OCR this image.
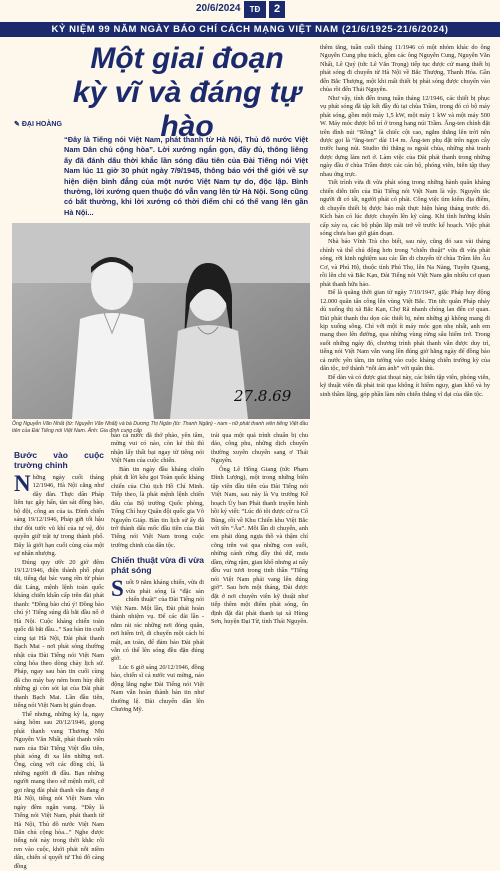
20/6/2024	TĐ	2
KỶ NIỆM 99 NĂM NGÀY BÁO CHÍ CÁCH MẠNG VIỆT NAM (21/6/1925-21/6/2024)
Một giai đoạn kỳ vĩ và đáng tự hào
✎ ĐẠI HOÀNG

“Đây là Tiếng nói Việt Nam, phát thanh từ Hà Nội, Thủ đô nước Việt Nam Dân chủ cộng hòa”. Lời xướng ngắn gọn, đầy đủ, thông liêng ấy đã đánh dấu thời khắc lần sóng đầu tiên của Đài Tiếng nói Việt Nam lúc 11 giờ 30 phút ngày 7/9/1945, thông báo với thế giới về sự hiện diện bình đẳng của một nước Việt Nam tự do, độc lập. Bình thường, lời xướng quen thuộc đó vẫn vang lên từ Hà Nội. Song cũng có bất thường, khi lời xướng có thời điểm chỉ có thể vang lên gần Hà Nội...

27.8.69

Ông Nguyễn Văn Nhất (từ: Nguyễn Văn Nhất) và bà Dương Thị Ngân (từ: Thanh Ngân) - nam - nữ phát thanh viên tiếng Việt đầu tiên của Đài Tiếng nói Việt Nam. Ảnh: Gia đình cung cấp

Bước vào cuộc trường chinh

Những ngày cuối tháng 12/1946, Hà Nội căng như dây đàn. Thực dân Pháp liên tục gây hấn, tàn sát đồng bào, bộ đội, công an của ta. Đình chiến sáng 19/12/1946, Pháp gửi tối hậu thư đòi tước vũ khí của tự vệ, đòi quyền giữ trật tự trong thành phố. Đây là giới hạn cuối cùng của một sự nhân nhượng.

Đúng quy ước 20 giờ đêm 19/12/1946, điện thành phố phụt tắt, tiếng đại bác vang rền từ pháo đài Láng, mệnh lệnh toàn quốc kháng chiến khẩn cấp trên đài phát thanh: “Đồng bào chú ý! Đồng bào chú ý! Tiếng súng đã bắt đầu nổ ở Hà Nội. Cuộc kháng chiến toàn quốc đã bắt đầu...” Sau bản tin cuối cùng tại Hà Nội, Đài phát thanh Bạch Mai - nơi phát sóng thường nhật của Đài Tiếng nói Việt Nam cũng hòa theo dòng chảy lịch sử. Pháp, ngay sau bản tin cuối cùng đã cho máy bay ném bom hủy diệt những gì còn sót lại của Đài phát thanh Bạch Mai. Lần đầu tiên, tiếng nói Việt Nam bị gián đoạn.

Thế nhưng, những kỳ lạ, ngay sáng hôm sau 20/12/1946, giọng phát thanh vang Thương Nhi Nguyễn Văn Nhất, phát thanh viên nam của Đài Tiếng Việt đầu tiên, phát sóng đi xa lên những nơi. Ông, cùng với các đồng chí, là những người đi đầu. Bạn những người mang theo sứ mệnh mới, cứ gọi rằng đài phát thanh vẫn đang ở Hà Nội, tiếng nói Việt Nam vẫn ngày đêm ngân vang. “Đây là Tiếng nói Việt Nam, phát thanh từ Hà Nội, Thủ đô nước Việt Nam Dân chủ cộng hòa...” Nghe được tiếng nói này trong thời khắc rối ren vào cuộc, khởi phát nỗi niềm dân, chiến sĩ quyết tử Thủ đô càng đồng

bào cả nước đã thở phào, yên tâm, mừng vui có nào, còn kẻ thù thì nhận lấy thất bại ngay từ tiếng nói Việt Nam của cuộc chiến.

Bản tin ngày đầu kháng chiến phát đi lời kêu gọi Toàn quốc kháng chiến của Chủ tịch Hồ Chí Minh. Tiếp theo, là phát mệnh lệnh chiến đấu của Bộ trưởng Quốc phòng, Tổng Chỉ huy Quân đội quốc gia Võ Nguyên Giáp. Bản tin lịch sử ấy đã trở thành dấu mốc đầu tiên của Đài Tiếng nói Việt Nam trong cuộc trường chinh của dân tộc.

Chiến thuật vừa đi vừa phát sóng

Suốt 9 năm kháng chiến, vừa đi vừa phát sóng là “đặc sản chiến thuật” của Đài Tiếng nói Việt Nam. Một lần, Đài phát hoàn thành nhiệm vụ. Để các đài lần - nằm rải rác những nơi đóng quân, nơi hiểm trở, di chuyển một cách bí mật, an toàn, để đảm bảo Đài phát vẫn có thể lên sóng đều đặn đúng giờ.

Lúc 6 giờ sáng 20/12/1946, đồng bào, chiến sĩ cả nước vui mừng, náo động lắng nghe Đài Tiếng nói Việt Nam vẫn hoàn thành bản tin như thường lệ. Đài chuyển dần lên Chương Mỹ.

trái qua một quá trình chuẩn bị chu đáo, công phu, những dịch chuyển thường xuyên chuyển sang ơ Thái Nguyên.

Ông Lê Hồng Giang (tức Phạm Đình Lượng), một trong những biên tập viên đầu tiên của Đài Tiếng nói Việt Nam, sau này là Vụ trưởng Kế hoạch Ủy ban Phát thanh truyền hình hồi ký viết: “Lúc đó tôi được cử ra Cổ Bùng, rồi về Khu Chiến khu Việt Bắc với tên “Âu”. Mỗi lần di chuyển, anh em phải dùng ngựa thồ và thậm chí cõng trên vai qua những con suối, những cánh rừng đầy thú dữ, mưa dầm, rừng rậm, gian khổ nhưng ai nấy đều vui tươi trong tinh thần “Tiếng nói Việt Nam phải vang lên đúng giờ”. Sau hơn một tháng, Đài được đặt ở nơi chuyên viên kỹ thuật như tiếp thêm một điểm phát sóng, ổn định đặt đài phát thanh tại xã Hùng Sơn, huyện Đại Từ, tỉnh Thái Nguyên.

thêm tăng, tuần cuối tháng 11/1946 có một nhóm khác do ông Nguyễn Cung phụ trách, gồm các ông Nguyễn Cung, Nguyễn Văn Nhất, Lê Quý (tức Lê Văn Trọng) tiếp tục được cử mang thiết bị phát sóng đi chuyển từ Hà Nội về Bắc Thượng, Thanh Hóa. Gần đến Bắc Thượng, một khi mất thiết bị phát sóng được chuyển vào chùa rồi đến Thái Nguyên.

Như vậy, tính đến trung tuần tháng 12/1946, các thiết bị phục vụ phát sóng đã tập kết đầy đủ tại chùa Trầm, trong đó có bộ máy phát sóng, gồm một máy 1,5 kW, một máy 1 kW và một máy 500 W. Máy móc được bố trí ở trong hang núi Trầm. Ăng-ten chính đặt trên đỉnh núi “Rồng” là chiếc cột cao, ngắm thẳng lên trời nên được gọi là “ăng-ten” dài 114 m. Ăng-ten phụ đặt trên ngọn cây trước hang núi. Studio thì thẳng ra ngoài chùa, những nhà tranh được dựng làm nơi ở. Làm việc của Đài phát thanh trong những ngày đầu ở chùa Trầm được các cán bộ, phóng viên, biên tập thay nhau ứng trực.

Tiết trình vừa đi vừa phát sóng trong những hành quân kháng chiến diễn tiến của Đài Tiếng nói Việt Nam là vậy. Nguyên tắc người đi có tất, người phát có phát. Công việc tìm kiếm địa điểm, di chuyển thiết bị được bảo mật thực hiện hàng tháng trước đó. Kích bản có lúc được chuyển lên kỹ càng. Khi tình hướng khẩn cấp xảy ra, các bộ phận lắp mãi trở về trước kế hoạch. Việc phát sóng chưa bao giờ gián đoạn.

Nhà báo Vĩnh Trà cho biết, sau này, cũng đó sau vài tháng chỉnh và thể chủ động hơn trong “chiến thuật” vừa đi vừa phát sóng, rời kinh nghiệm sau các lần di chuyển từ chùa Trầm lên Âu Cơ, và Phú Hộ, thuộc tỉnh Phú Thọ, lên Na Nàng, Tuyên Quang, rồi lên chi và Bắc Kạn, Đài Tiếng nói Việt Nam gắn nhiều cơ quan phát thanh hữu hảo.

Để là quãng thời gian từ ngày 7/10/1947, giặc Pháp huy động 12.000 quân tấn công lên vùng Việt Bắc. Tin tức quân Pháp nhảy dù xuống thị xã Bắc Kạn, Chợ Rã nhanh chóng lan đến cơ quan. Đài phát thanh thu dọn các thiết bị, ném những gì không mang đi kịp xuống sông. Chỉ với một ít máy móc gọn nhẹ nhất, anh em mang theo lên đường, qua những vùng rừng sâu hiểm trở. Trong suốt những ngày đó, chương trình phát thanh vẫn được duy trì, tiếng nói Việt Nam vẫn vang lên đúng giờ hằng ngày để đồng bào cả nước yên tâm, tin tưởng vào cuộc kháng chiến trường kỳ của dân tộc, trở thành “nỗi ám ảnh” với quân thù.

Để dàn và có được giai thoại này, các biên tập viên, phóng viên, kỹ thuật viên đã phải trải qua không ít hiểm nguy, gian khổ và hy sinh thầm lặng, góp phần làm nên chiến thắng vĩ đại của dân tộc.
